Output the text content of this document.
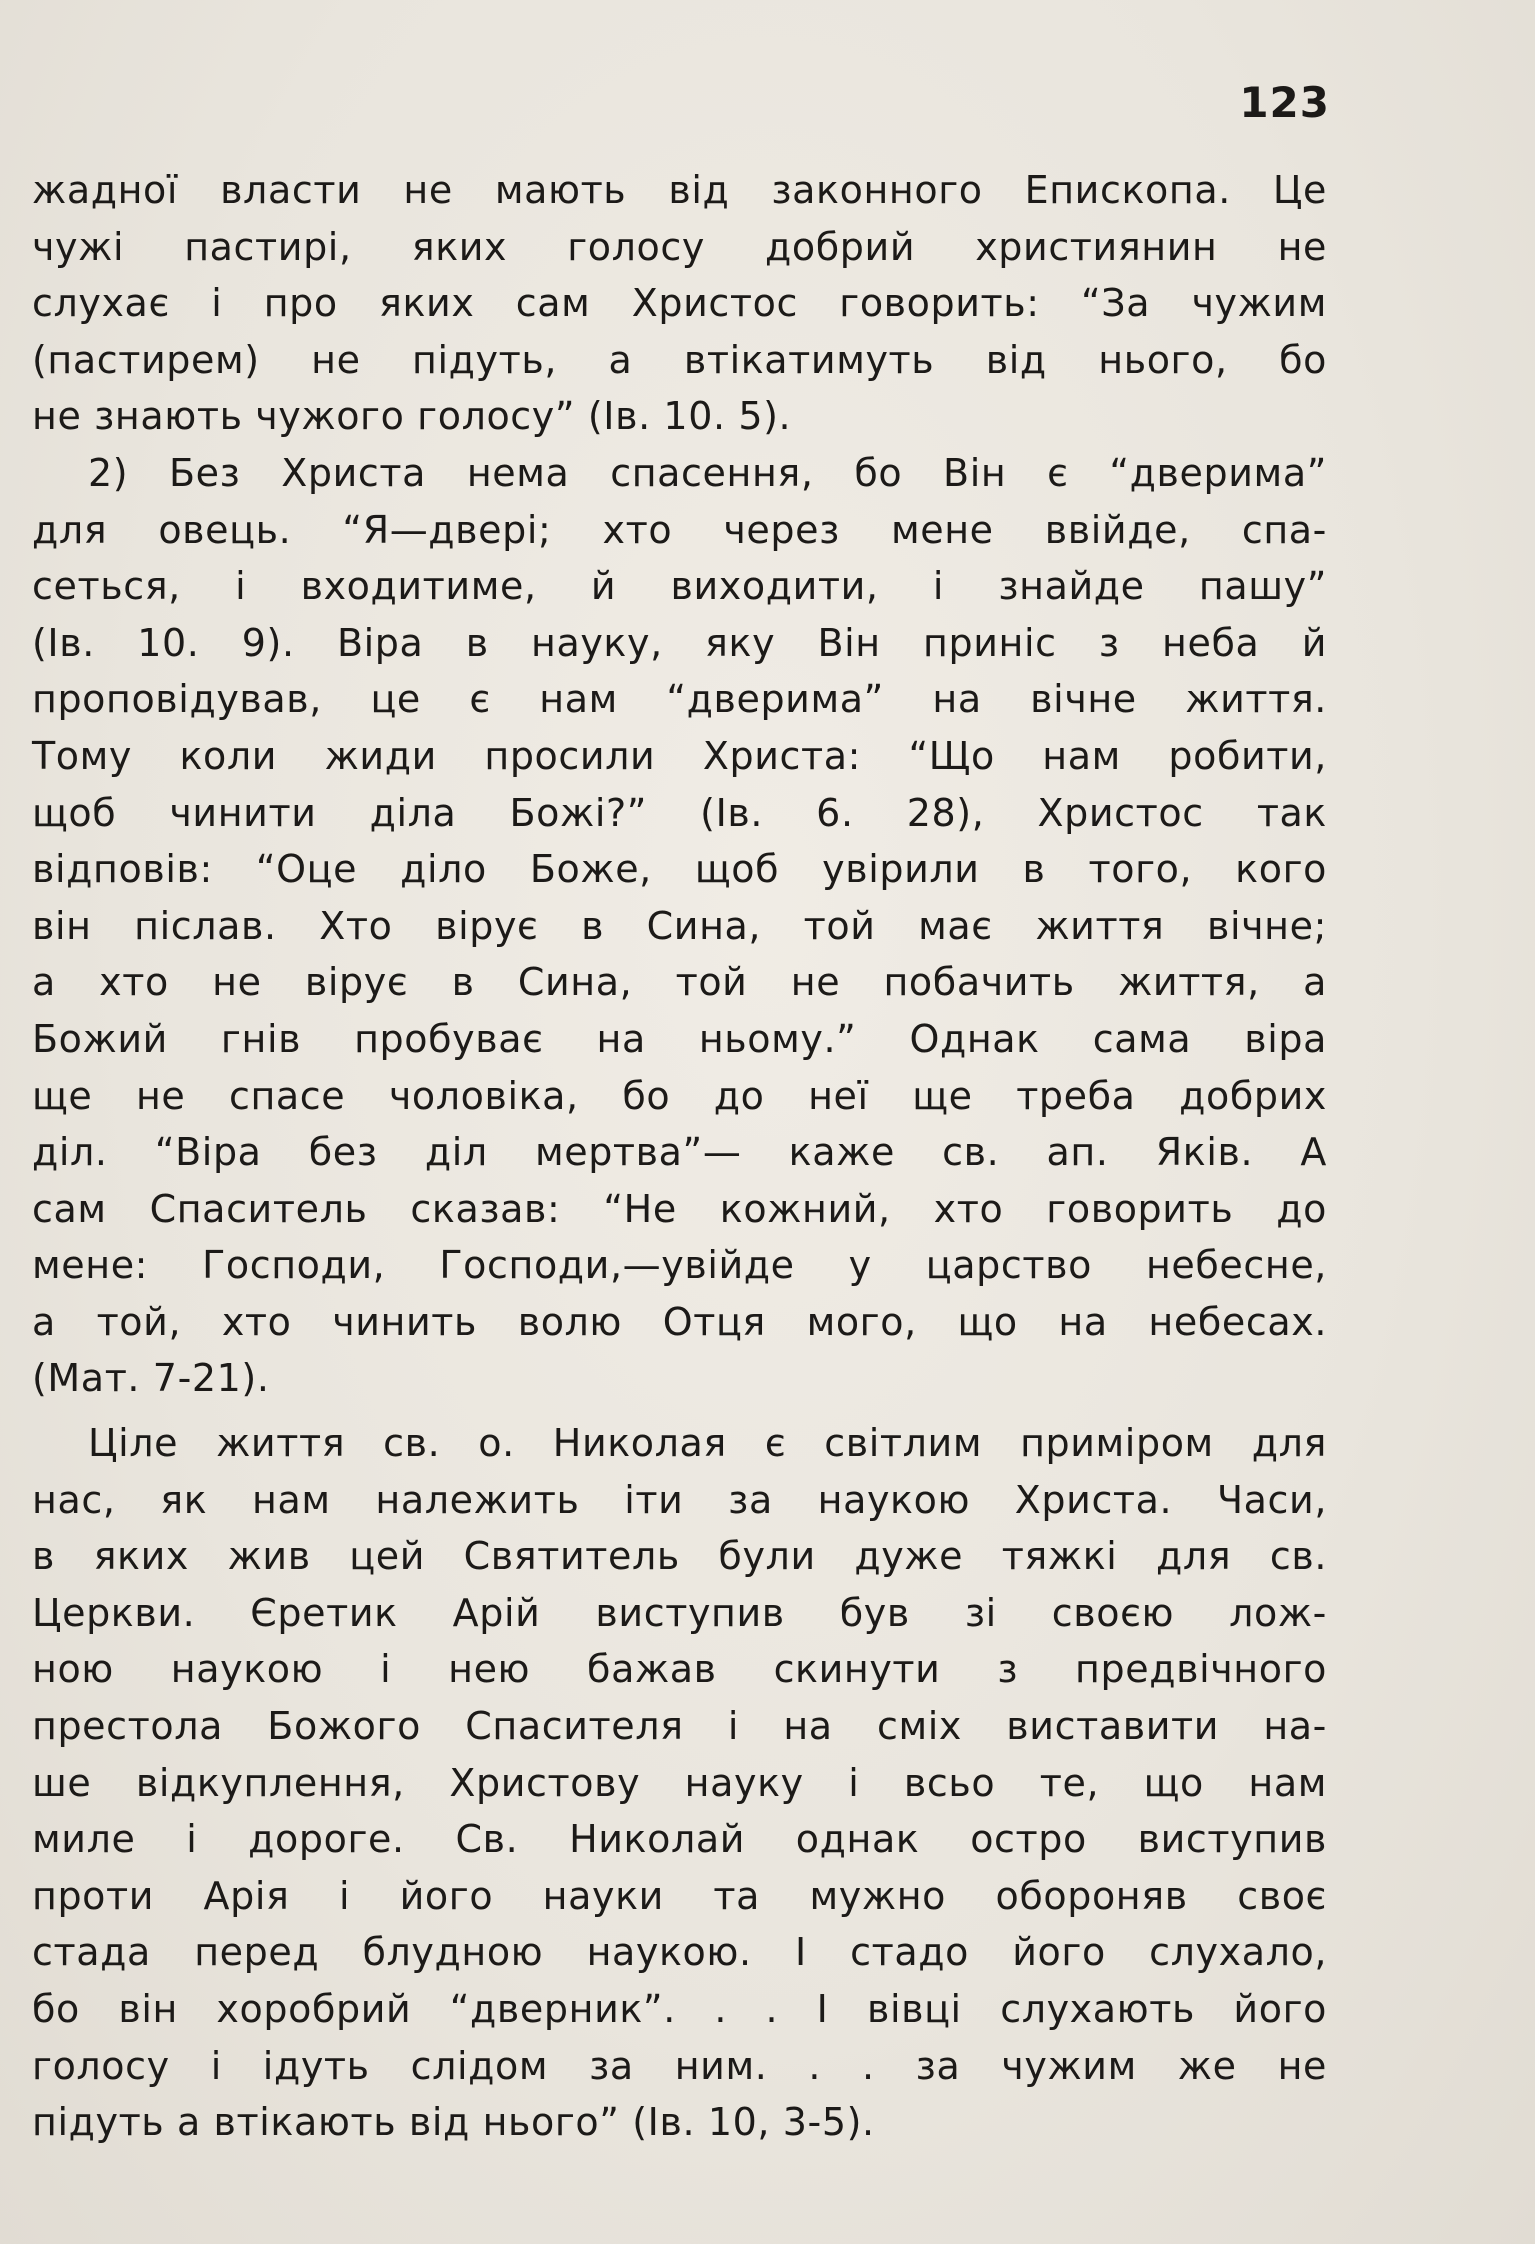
123
жадної власти не мають від законного Епископа. Це
чужі пастирі, яких голосу добрий християнин не
слухає і про яких сам Христос говорить: “За чужим
(пастирем) не підуть, а втікатимуть від нього, бо
не знають чужого голосу” (Ів. 10. 5).
2) Без Христа нема спасення, бо Він є “дверима”
для овець. “Я—двері; хто через мене ввійде, спа-
сеться, і входитиме, й виходити, і знайде пашу”
(Ів. 10. 9). Віра в науку, яку Він приніс з неба й
проповідував, це є нам “дверима” на вічне життя.
Тому коли жиди просили Христа: “Що нам робити,
щоб чинити діла Божі?” (Ів. 6. 28), Христос так
відповів: “Оце діло Боже, щоб увірили в того, кого
він післав. Хто вірує в Сина, той має життя вічне;
а хто не вірує в Сина, той не побачить життя, а
Божий гнів пробуває на ньому.” Однак сама віра
ще не спасе чоловіка, бо до неї ще треба добрих
діл. “Віра без діл мертва”— каже св. ап. Яків. А
сам Спаситель сказав: “Не кожний, хто говорить до
мене: Господи, Господи,—увійде у царство небесне,
а той, хто чинить волю Отця мого, що на небесах.
(Мат. 7-21).
Ціле життя св. о. Николая є світлим приміром для
нас, як нам належить іти за наукою Христа. Часи,
в яких жив цей Святитель були дуже тяжкі для св.
Церкви. Єретик Арій виступив був зі своєю лож-
ною наукою і нею бажав скинути з предвічного
престола Божого Спасителя і на сміх виставити на-
ше відкуплення, Христову науку і всьо те, що нам
миле і дороге. Св. Николай однак остро виступив
проти Арія і його науки та мужно обороняв своє
стада перед блудною наукою. І стадо його слухало,
бо він хоробрий “дверник”. . . І вівці слухають його
голосу і ідуть слідом за ним. . . за чужим же не
підуть а втікають від нього” (Ів. 10, 3-5).
